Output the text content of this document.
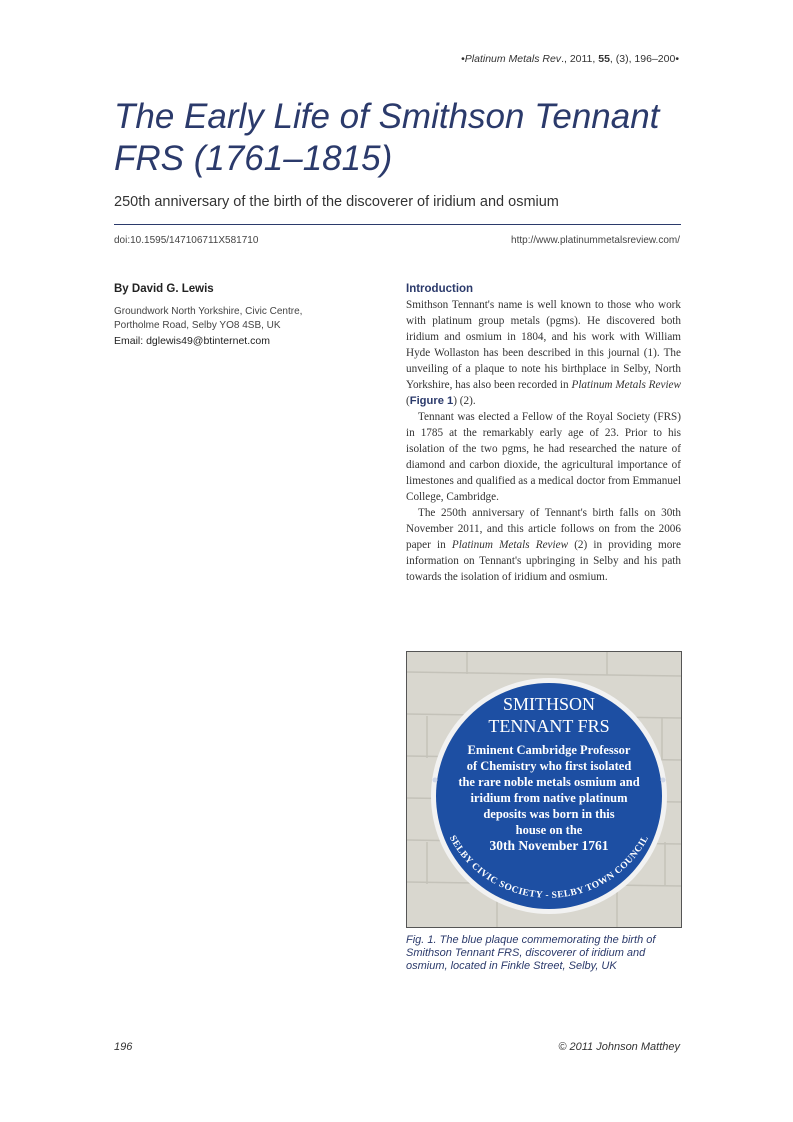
•Platinum Metals Rev., 2011, 55, (3), 196–200•
The Early Life of Smithson Tennant
FRS (1761–1815)
250th anniversary of the birth of the discoverer of iridium and osmium
doi:10.1595/147106711X581710	http://www.platinummetalsreview.com/
By David G. Lewis
Groundwork North Yorkshire, Civic Centre,
Portholme Road, Selby YO8 4SB, UK
Email: dglewis49@btinternet.com
Introduction

Smithson Tennant's name is well known to those who work with platinum group metals (pgms). He discovered both iridium and osmium in 1804, and his work with William Hyde Wollaston has been described in this journal (1). The unveiling of a plaque to note his birthplace in Selby, North Yorkshire, has also been recorded in Platinum Metals Review (Figure 1) (2).

Tennant was elected a Fellow of the Royal Society (FRS) in 1785 at the remarkably early age of 23. Prior to his isolation of the two pgms, he had researched the nature of diamond and carbon dioxide, the agricultural importance of limestones and qualified as a medical doctor from Emmanuel College, Cambridge.

The 250th anniversary of Tennant's birth falls on 30th November 2011, and this article follows on from the 2006 paper in Platinum Metals Review (2) in providing more information on Tennant's upbringing in Selby and his path towards the isolation of iridium and osmium.

SMITHSON
TENNANT FRS
Eminent Cambridge Professor
of Chemistry who first isolated
the rare noble metals osmium and
iridium from native platinum
deposits was born in this
house on the
30th November 1761
SELBY CIVIC SOCIETY - SELBY TOWN COUNCIL
Fig. 1. The blue plaque commemorating the birth of Smithson Tennant FRS, discoverer of iridium and osmium, located in Finkle Street, Selby, UK
196	© 2011 Johnson Matthey
